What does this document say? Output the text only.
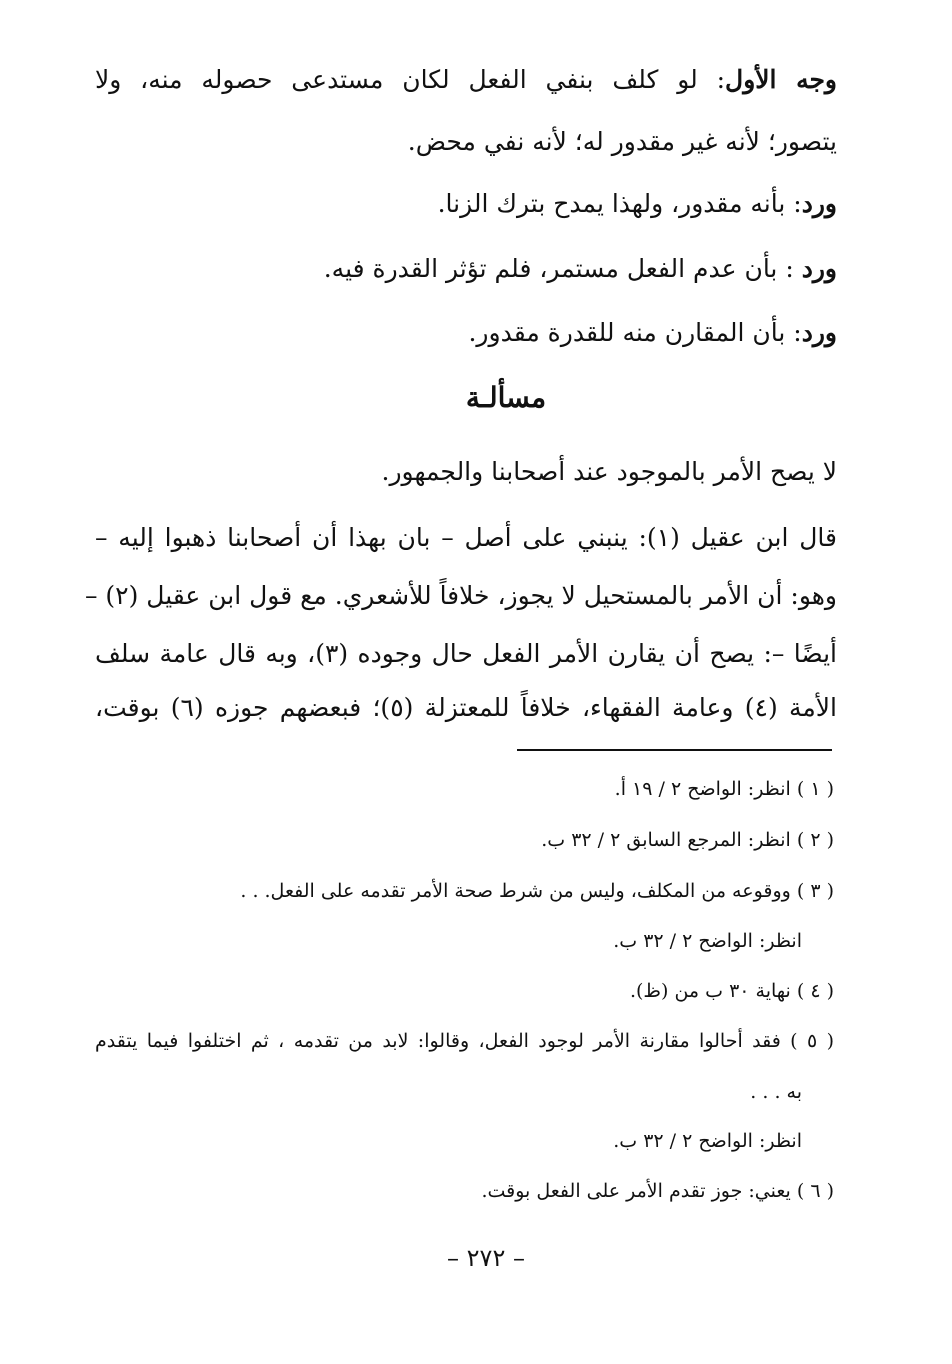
وجه الأول: لو كلف بنفي الفعل لكان مستدعى حصوله منه، ولا
يتصور؛ لأنه غير مقدور له؛ لأنه نفي محض.
ورد: بأنه مقدور، ولهذا يمدح بترك الزنا.
ورد : بأن عدم الفعل مستمر، فلم تؤثر القدرة فيه.
ورد: بأن المقارن منه للقدرة مقدور.
مسألـة
لا يصح الأمر بالموجود عند أصحابنا والجمهور.
قال ابن عقيل (١): ينبني على أصل – بان بهذا أن أصحابنا ذهبوا إليه –
وهو: أن الأمر بالمستحيل لا يجوز، خلافاً للأشعري. مع قول ابن عقيل (٢) –
أيضًا –: يصح أن يقارن الأمر الفعل حال وجوده (٣)، وبه قال عامة سلف
الأمة (٤) وعامة الفقهاء، خلافاً للمعتزلة (٥)؛ فبعضهم جوزه (٦) بوقت،
( ١ ) انظر: الواضح ٢ / ١٩ أ.
( ٢ ) انظر: المرجع السابق ٢ / ٣٢ ب.
( ٣ ) ووقوعه من المكلف، وليس من شرط صحة الأمر تقدمه على الفعل. . .
انظر: الواضح ٢ / ٣٢ ب.
( ٤ ) نهاية ٣٠ ب من (ظ).
( ٥ ) فقد أحالوا مقارنة الأمر لوجود الفعل، وقالوا: لابد من تقدمه ، ثم اختلفوا فيما يتقدم
به . . .
انظر: الواضح ٢ / ٣٢ ب.
( ٦ ) يعني: جوز تقدم الأمر على الفعل بوقت.
– ٢٧٢ –
